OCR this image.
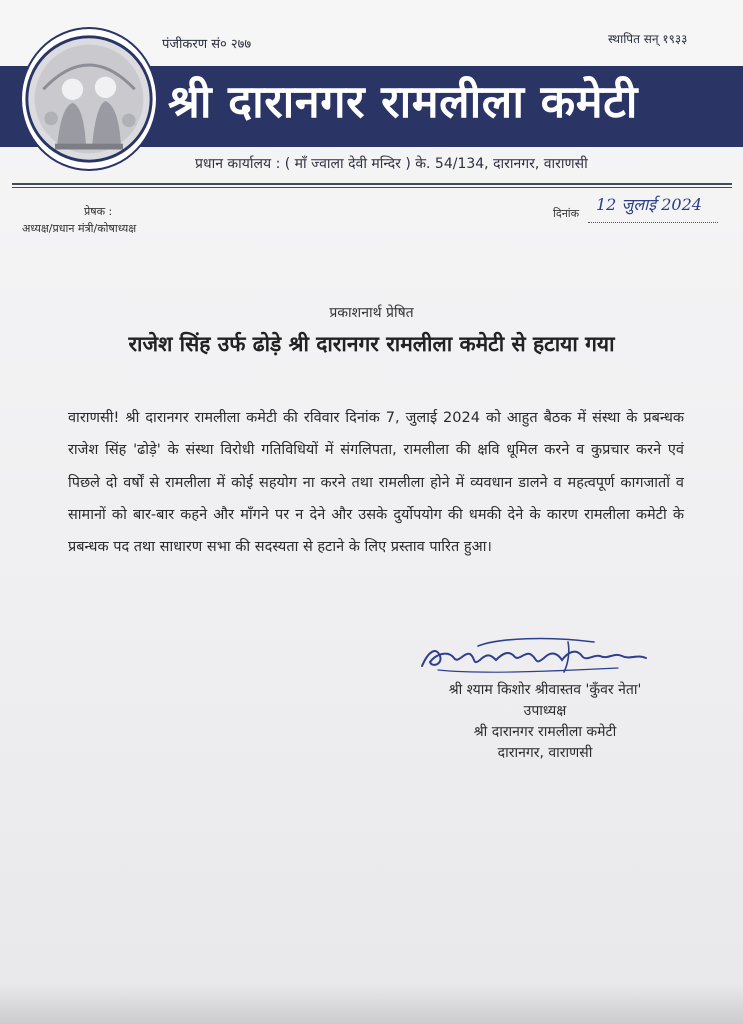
पंजीकरण सं० २७७	स्थापित सन् १९३३
श्री दारानगर रामलीला कमेटी
प्रधान कार्यालय : ( माँ ज्वाला देवी मन्दिर ) के. 54/134, दारानगर, वाराणसी
प्रेषक :
अध्यक्ष/प्रधान मंत्री/कोषाध्यक्ष
दिनांक 12 जुलाई 2024
प्रकाशनार्थ प्रेषित
राजेश सिंह उर्फ ढोड़े श्री दारानगर रामलीला कमेटी से हटाया गया
वाराणसी! श्री दारानगर रामलीला कमेटी की रविवार दिनांक 7, जुलाई 2024 को आहुत बैठक में संस्था के प्रबन्धक राजेश सिंह 'ढोड़े' के संस्था विरोधी गतिविधियों में संगलिपता, रामलीला की क्षवि धूमिल करने व कुप्रचार करने एवं पिछले दो वर्षों से रामलीला में कोई सहयोग ना करने तथा रामलीला होने में व्यवधान डालने व महत्वपूर्ण कागजातों व सामानों को बार-बार कहने और माँगने पर न देने और उसके दुर्योपयोग की धमकी देने के कारण रामलीला कमेटी के प्रबन्धक पद तथा साधारण सभा की सदस्यता से हटाने के लिए प्रस्ताव पारित हुआ।
श्री श्याम किशोर श्रीवास्तव 'कुँवर नेता'
उपाध्यक्ष
श्री दारानगर रामलीला कमेटी
दारानगर, वाराणसी
